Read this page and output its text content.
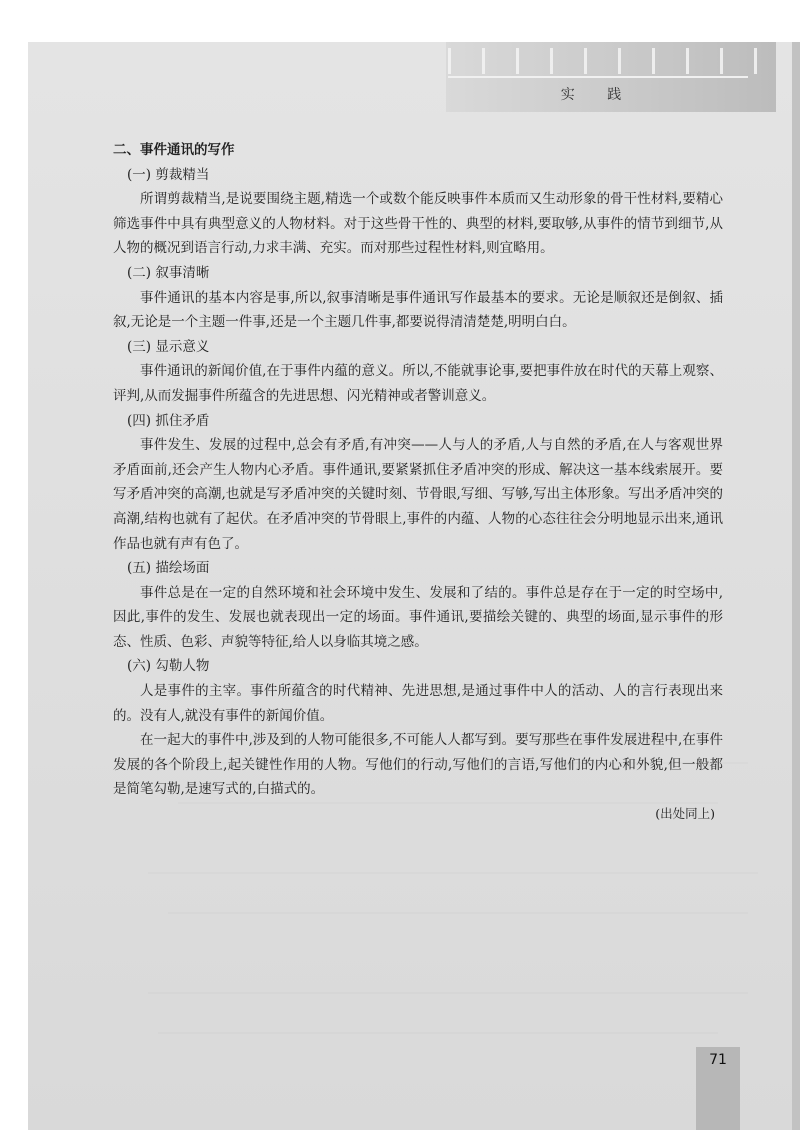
实 践

二、事件通讯的写作

(一) 剪裁精当

所谓剪裁精当,是说要围绕主题,精选一个或数个能反映事件本质而又生动形象的骨干性材料,要精心筛选事件中具有典型意义的人物材料。对于这些骨干性的、典型的材料,要取够,从事件的情节到细节,从人物的概况到语言行动,力求丰满、充实。而对那些过程性材料,则宜略用。

(二) 叙事清晰

事件通讯的基本内容是事,所以,叙事清晰是事件通讯写作最基本的要求。无论是顺叙还是倒叙、插叙,无论是一个主题一件事,还是一个主题几件事,都要说得清清楚楚,明明白白。

(三) 显示意义

事件通讯的新闻价值,在于事件内蕴的意义。所以,不能就事论事,要把事件放在时代的天幕上观察、评判,从而发掘事件所蕴含的先进思想、闪光精神或者警训意义。

(四) 抓住矛盾

事件发生、发展的过程中,总会有矛盾,有冲突——人与人的矛盾,人与自然的矛盾,在人与客观世界矛盾面前,还会产生人物内心矛盾。事件通讯,要紧紧抓住矛盾冲突的形成、解决这一基本线索展开。要写矛盾冲突的高潮,也就是写矛盾冲突的关键时刻、节骨眼,写细、写够,写出主体形象。写出矛盾冲突的高潮,结构也就有了起伏。在矛盾冲突的节骨眼上,事件的内蕴、人物的心态往往会分明地显示出来,通讯作品也就有声有色了。

(五) 描绘场面

事件总是在一定的自然环境和社会环境中发生、发展和了结的。事件总是存在于一定的时空场中,因此,事件的发生、发展也就表现出一定的场面。事件通讯,要描绘关键的、典型的场面,显示事件的形态、性质、色彩、声貌等特征,给人以身临其境之感。

(六) 勾勒人物

人是事件的主宰。事件所蕴含的时代精神、先进思想,是通过事件中人的活动、人的言行表现出来的。没有人,就没有事件的新闻价值。

在一起大的事件中,涉及到的人物可能很多,不可能人人都写到。要写那些在事件发展进程中,在事件发展的各个阶段上,起关键性作用的人物。写他们的行动,写他们的言语,写他们的内心和外貌,但一般都是简笔勾勒,是速写式的,白描式的。

(出处同上)

71
